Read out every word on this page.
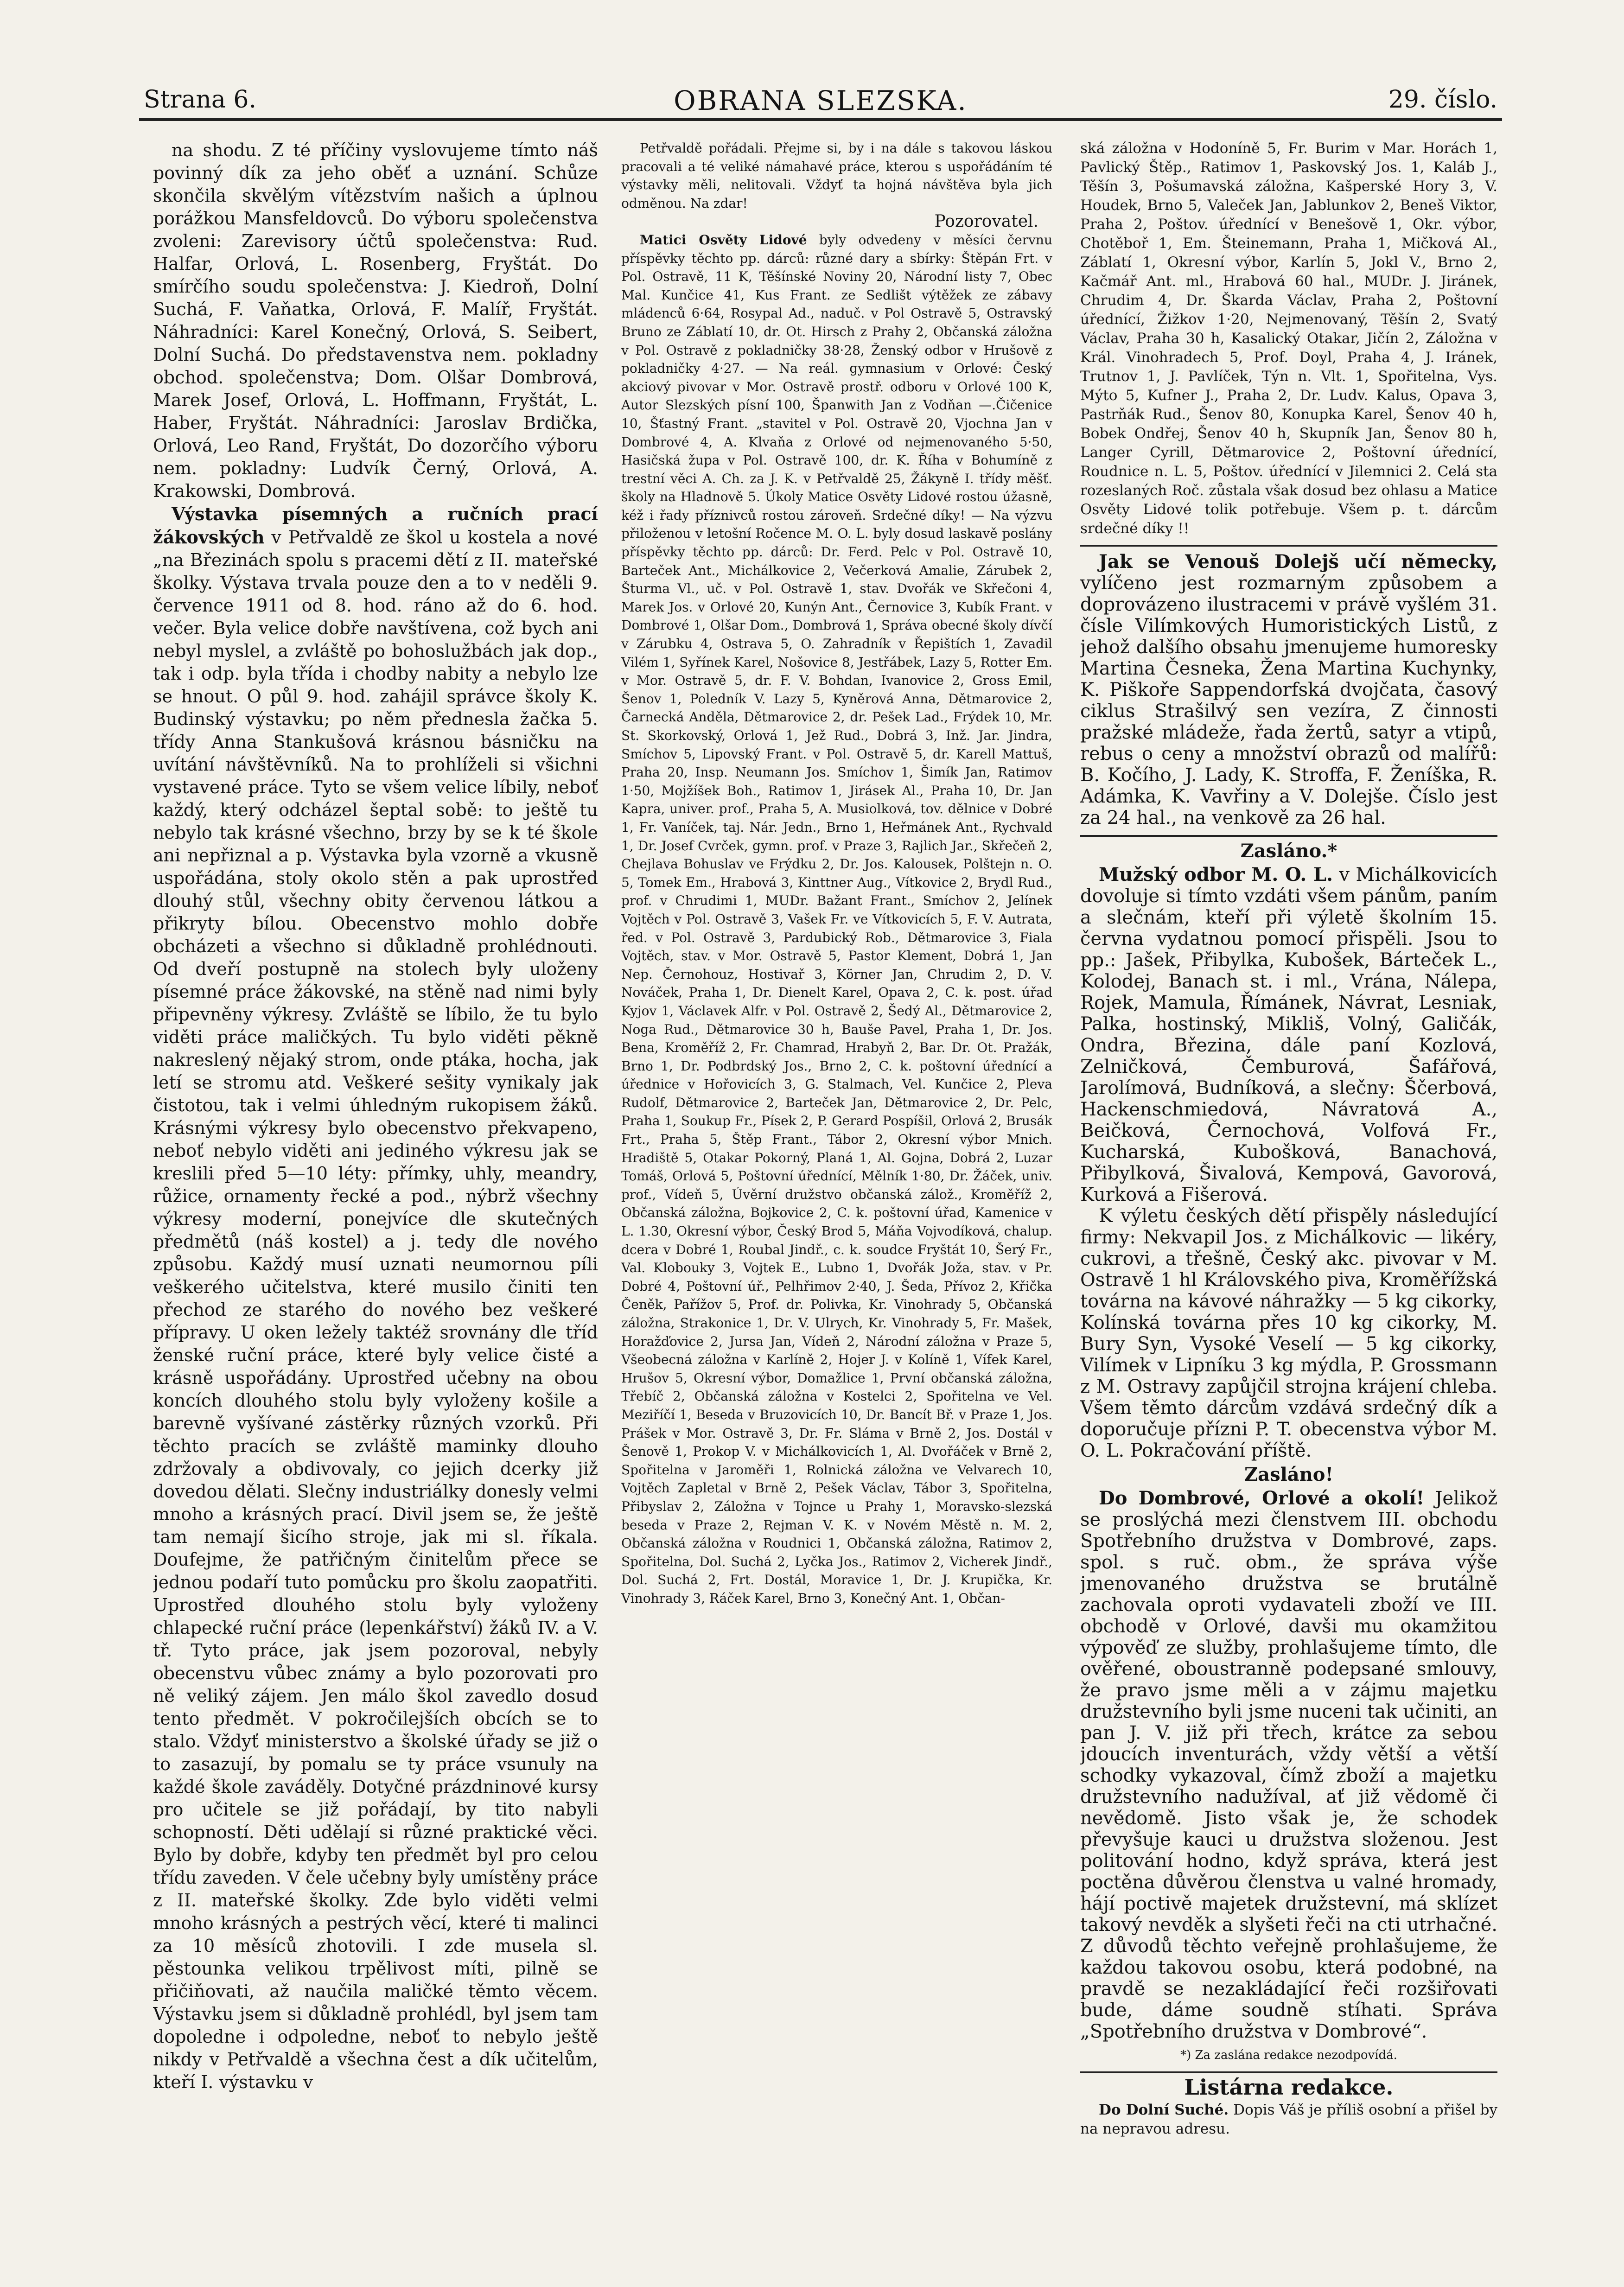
Strana 6.	OBRANA SLEZSKA.	29. číslo.

na shodu. Z té příčiny vyslovujeme tímto náš povinný dík za jeho oběť a uznání. Schůze skončila skvělým vítězstvím našich a úplnou porážkou Mansfeldovců. Do výboru společenstva zvoleni: Zarevisory účtů společenstva: Rud. Halfar, Orlová, L. Rosenberg, Fryštát. Do smírčího soudu společenstva: J. Kiedroň, Dolní Suchá, F. Vaňatka, Orlová, F. Malíř, Fryštát. Náhradníci: Karel Konečný, Orlová, S. Seibert, Dolní Suchá. Do představenstva nem. pokladny obchod. společenstva; Dom. Olšar Dombrová, Marek Josef, Orlová, L. Hoffmann, Fryštát, L. Haber, Fryštát. Náhradníci: Jaroslav Brdička, Orlová, Leo Rand, Fryštát, Do dozorčího výboru nem. pokladny: Ludvík Černý, Orlová, A. Krakowski, Dombrová.

Výstavka písemných a ručních prací žákovských v Petřvaldě ze škol u kostela a nové „na Březinách spolu s pracemi dětí z II. mateřské školky. Výstava trvala pouze den a to v neděli 9. července 1911 od 8. hod. ráno až do 6. hod. večer. Byla velice dobře navštívena, což bych ani nebyl myslel, a zvláště po bohoslužbách jak dop., tak i odp. byla třída i chodby nabity a nebylo lze se hnout. O půl 9. hod. zahájil správce školy K. Budinský výstavku; po něm přednesla žačka 5. třídy Anna Stankušová krásnou básničku na uvítání návštěvníků. Na to prohlíželi si všichni vystavené práce. Tyto se všem velice líbily, neboť každý, který odcházel šeptal sobě: to ještě tu nebylo tak krásné všechno, brzy by se k té škole ani nepřiznal a p. Výstavka byla vzorně a vkusně uspořádána, stoly okolo stěn a pak uprostřed dlouhý stůl, všechny obity červenou látkou a přikryty bílou. Obecenstvo mohlo dobře obcházeti a všechno si důkladně prohlédnouti. Od dveří postupně na stolech byly uloženy písemné práce žákovské, na stěně nad nimi byly připevněny výkresy. Zvláště se líbilo, že tu bylo viděti práce maličkých. Tu bylo viděti pěkně nakreslený nějaký strom, onde ptáka, hocha, jak letí se stromu atd. Veškeré sešity vynikaly jak čistotou, tak i velmi úhledným rukopisem žáků. Krásnými výkresy bylo obecenstvo překvapeno, neboť nebylo viděti ani jediného výkresu jak se kreslili před 5—10 léty: přímky, uhly, meandry, růžice, ornamenty řecké a pod., nýbrž všechny výkresy moderní, ponejvíce dle skutečných předmětů (náš kostel) a j. tedy dle nového způsobu. Každý musí uznati neumornou píli veškerého učitelstva, které musilo činiti ten přechod ze starého do nového bez veškeré přípravy. U oken ležely taktéž srovnány dle tříd ženské ruční práce, které byly velice čisté a krásně uspořádány. Uprostřed učebny na obou koncích dlouhého stolu byly vyloženy košile a barevně vyšívané zástěrky různých vzorků. Při těchto pracích se zvláště maminky dlouho zdržovaly a obdivovaly, co jejich dcerky již dovedou dělati. Slečny industriálky donesly velmi mnoho a krásných prací. Divil jsem se, že ještě tam nemají šicího stroje, jak mi sl. říkala. Doufejme, že patřičným činitelům přece se jednou podaří tuto pomůcku pro školu zaopatřiti. Uprostřed dlouhého stolu byly vyloženy chlapecké ruční práce (lepenkářství) žáků IV. a V. tř. Tyto práce, jak jsem pozoroval, nebyly obecenstvu vůbec známy a bylo pozorovati pro ně veliký zájem. Jen málo škol zavedlo dosud tento předmět. V pokročilejších obcích se to stalo. Vždyť ministerstvo a školské úřady se již o to zasazují, by pomalu se ty práce vsunuly na každé škole zaváděly. Dotyčné prázdninové kursy pro učitele se již pořádají, by tito nabyli schopností. Děti udělají si různé praktické věci. Bylo by dobře, kdyby ten předmět byl pro celou třídu zaveden. V čele učebny byly umístěny práce z II. mateřské školky. Zde bylo viděti velmi mnoho krásných a pestrých věcí, které ti malinci za 10 měsíců zhotovili. I zde musela sl. pěstounka velikou trpělivost míti, pilně se přičiňovati, až naučila maličké těmto věcem. Výstavku jsem si důkladně prohlédl, byl jsem tam dopoledne i odpoledne, neboť to nebylo ještě nikdy v Petřvaldě a všechna čest a dík učitelům, kteří I. výstavku v

Petřvaldě pořádali. Přejme si, by i na dále s takovou láskou pracovali a té veliké námahavé práce, kterou s uspořádáním té výstavky měli, nelitovali. Vždyť ta hojná návštěva byla jich odměnou. Na zdar!

Pozorovatel.

Matici Osvěty Lidové byly odvedeny v měsíci červnu příspěvky těchto pp. dárců: různé dary a sbírky: Štěpán Frt. v Pol. Ostravě, 11 K, Těšínské Noviny 20, Národní listy 7, Obec Mal. Kunčice 41, Kus Frant. ze Sedlišt výtěžek ze zábavy mládenců 6·64, Rosypal Ad., naduč. v Pol Ostravě 5, Ostravský Bruno ze Záblatí 10, dr. Ot. Hirsch z Prahy 2, Občanská záložna v Pol. Ostravě z pokladničky 38·28, Ženský odbor v Hrušově z pokladničky 4·27. — Na reál. gymnasium v Orlové: Český akciový pivovar v Mor. Ostravě prostř. odboru v Orlové 100 K, Autor Slezských písní 100, Španwith Jan z Vodňan —.Čičenice 10, Šťastný Frant. „stavitel v Pol. Ostravě 20, Vjochna Jan v Dombrové 4, A. Klvaňa z Orlové od nejmenovaného 5·50, Hasičská župa v Pol. Ostravě 100, dr. K. Říha v Bohumíně z trestní věci A. Ch. za J. K. v Petřvaldě 25, Žákyně I. třídy měšť. školy na Hladnově 5. Úkoly Matice Osvěty Lidové rostou úžasně, kéž i řady příznivců rostou zároveň. Srdečné díky! — Na výzvu přiloženou v letošní Ročence M. O. L. byly dosud laskavě poslány příspěvky těchto pp. dárců: Dr. Ferd. Pelc v Pol. Ostravě 10, Barteček Ant., Michálkovice 2, Večerková Amalie, Zárubek 2, Šturma Vl., uč. v Pol. Ostravě 1, stav. Dvořák ve Skřečoni 4, Marek Jos. v Orlové 20, Kunýn Ant., Černovice 3, Kubík Frant. v Dombrové 1, Olšar Dom., Dombrová 1, Správa obecné školy dívčí v Zárubku 4, Ostrava 5, O. Zahradník v Řepištích 1, Zavadil Vilém 1, Syřínek Karel, Nošovice 8, Jestřábek, Lazy 5, Rotter Em. v Mor. Ostravě 5, dr. F. V. Bohdan, Ivanovice 2, Gross Emil, Šenov 1, Poledník V. Lazy 5, Kyněrová Anna, Dětmarovice 2, Čarnecká Anděla, Dětmarovice 2, dr. Pešek Lad., Frýdek 10, Mr. St. Skorkovský, Orlová 1, Jež Rud., Dobrá 3, Inž. Jar. Jindra, Smíchov 5, Lipovský Frant. v Pol. Ostravě 5, dr. Karell Mattuš, Praha 20, Insp. Neumann Jos. Smíchov 1, Šimík Jan, Ratimov 1·50, Mojžíšek Boh., Ratimov 1, Jirásek Al., Praha 10, Dr. Jan Kapra, univer. prof., Praha 5, A. Musiolková, tov. dělnice v Dobré 1, Fr. Vaníček, taj. Nár. Jedn., Brno 1, Heřmánek Ant., Rychvald 1, Dr. Josef Cvrček, gymn. prof. v Praze 3, Rajlich Jar., Skřečeň 2, Chejlava Bohuslav ve Frýdku 2, Dr. Jos. Kalousek, Polštejn n. O. 5, Tomek Em., Hrabová 3, Kinttner Aug., Vítkovice 2, Brydl Rud., prof. v Chrudimi 1, MUDr. Bažant Frant., Smíchov 2, Jelínek Vojtěch v Pol. Ostravě 3, Vašek Fr. ve Vítkovicích 5, F. V. Autrata, řed. v Pol. Ostravě 3, Pardubický Rob., Dětmarovice 3, Fiala Vojtěch, stav. v Mor. Ostravě 5, Pastor Klement, Dobrá 1, Jan Nep. Černohouz, Hostivař 3, Körner Jan, Chrudim 2, D. V. Nováček, Praha 1, Dr. Dienelt Karel, Opava 2, C. k. post. úřad Kyjov 1, Václavek Alfr. v Pol. Ostravě 2, Šedý Al., Dětmarovice 2, Noga Rud., Dětmarovice 30 h, Bauše Pavel, Praha 1, Dr. Jos. Bena, Kroměříž 2, Fr. Chamrad, Hrabyň 2, Bar. Dr. Ot. Pražák, Brno 1, Dr. Podbrdský Jos., Brno 2, C. k. poštovní úřednící a úřednice v Hořovicích 3, G. Stalmach, Vel. Kunčice 2, Plevа Rudolf, Dětmarovice 2, Barteček Jan, Dětmarovice 2, Dr. Pelc, Praha 1, Soukup Fr., Písek 2, P. Gerard Pospíšil, Orlová 2, Brusák Frt., Praha 5, Štěp Frant., Tábor 2, Okresní výbor Mnich. Hradiště 5, Otakar Pokorný, Planá 1, Al. Gojna, Dobrá 2, Luzar Tomáš, Orlová 5, Poštovní úřednící, Mělník 1·80, Dr. Žáček, univ. prof., Vídeň 5, Úvěrní družstvo občanská zálož., Kroměříž 2, Občanská záložna, Bojkovice 2, C. k. poštovní úřad, Kamenice v L. 1.30, Okresní výbor, Český Brod 5, Máňa Vojvodíková, chalup. dcera v Dobré 1, Roubal Jindř., c. k. soudce Fryštát 10, Šerý Fr., Val. Klobouky 3, Vojtek E., Lubno 1, Dvořák Joža, stav. v Pr. Dobré 4, Poštovní úř., Pelhřimov 2·40, J. Šeda, Přívoz 2, Křička Čeněk, Pařížov 5, Prof. dr. Polivka, Kr. Vinohrady 5, Občanská záložna, Strakonice 1, Dr. V. Ulrych, Kr. Vinohrady 5, Fr. Mašek, Horažďovice 2, Jursa Jan, Vídeň 2, Národní záložna v Praze 5, Všeobecná záložna v Karlíně 2, Hojer J. v Kolíně 1, Vífek Karel, Hrušov 5, Okresní výbor, Domažlice 1, První občanská záložna, Třebíč 2, Občanská záložna v Kostelci 2, Spořitelna ve Vel. Meziříčí 1, Beseda v Bruzovicích 10, Dr. Bancít Bř. v Praze 1, Jos. Prášek v Mor. Ostravě 3, Dr. Fr. Sláma v Brně 2, Jos. Dostál v Šenově 1, Prokop V. v Michálkovicích 1, Al. Dvořáček v Brně 2, Spořitelna v Jaroměři 1, Rolnická záložna ve Velvarech 10, Vojtěch Zapletal v Brně 2, Pešek Václav, Tábor 3, Spořitelna, Přibyslav 2, Záložna v Tojnce u Prahy 1, Moravsko-slezská beseda v Praze 2, Rejman V. K. v Novém Městě n. M. 2, Občanská záložna v Roudnici 1, Občanská záložna, Ratimov 2, Spořitelna, Dol. Suchá 2, Lyčka Jos., Ratimov 2, Vicherek Jindř., Dol. Suchá 2, Frt. Dostál, Moravice 1, Dr. J. Krupička, Kr. Vinohrady 3, Ráček Karel, Brno 3, Konečný Ant. 1, Občan-

ská záložna v Hodoníně 5, Fr. Burim v Mar. Horách 1, Pavlický Štěp., Ratimov 1, Paskovský Jos. 1, Kaláb J., Těšín 3, Pošumavská záložna, Kašperské Hory 3, V. Houdek, Brno 5, Valeček Jan, Jablunkov 2, Beneš Viktor, Praha 2, Poštov. úřednící v Benešově 1, Okr. výbor, Chotěboř 1, Em. Šteinemann, Praha 1, Mičková Al., Záblatí 1, Okresní výbor, Karlín 5, Jokl V., Brno 2, Kačmář Ant. ml., Hrabová 60 hal., MUDr. J. Jiránek, Chrudim 4, Dr. Škarda Václav, Praha 2, Poštovní úřednící, Žižkov 1·20, Nejmenovaný, Těšín 2, Svatý Václav, Praha 30 h, Kasalický Otakar, Jičín 2, Záložna v Král. Vinohradech 5, Prof. Doyl, Praha 4, J. Iránek, Trutnov 1, J. Pavlíček, Týn n. Vlt. 1, Spořitelna, Vys. Mýto 5, Kufner J., Praha 2, Dr. Ludv. Kalus, Opava 3, Pastrňák Rud., Šenov 80, Konupka Karel, Šenov 40 h, Bobek Ondřej, Šenov 40 h, Skupník Jan, Šenov 80 h, Langer Cyrill, Dětmarovice 2, Poštovní úřednící, Roudnice n. L. 5, Poštov. úřednící v Jilemnici 2. Celá sta rozeslaných Roč. zůstala však dosud bez ohlasu a Matice Osvěty Lidové tolik potřebuje. Všem p. t. dárcům srdečné díky !!

Jak se Venouš Dolejš učí německy, vylíčeno jest rozmarným způsobem a doprovázeno ilustracemi v právě vyšlém 31. čísle Vilímkových Humoristických Listů, z jehož dalšího obsahu jmenujeme humoresky Martina Česneka, Žena Martina Kuchynky, K. Piškoře Sappendorfská dvojčata, časový ciklus Strašilvý sen vezíra, Z činnosti pražské mládeže, řada žertů, satyr a vtipů, rebus o ceny a množství obrazů od malířů: B. Kočího, J. Lady, K. Stroffa, F. Ženíška, R. Adámka, K. Vavřiny a V. Dolejše. Číslo jest za 24 hal., na venkově za 26 hal.

Zasláno.*

Mužský odbor M. O. L. v Michálkovicích dovoluje si tímto vzdáti všem pánům, paním a slečnám, kteří při výletě školním 15. června vydatnou pomocí přispěli. Jsou to pp.: Jašek, Přibylka, Kubošek, Bárteček L., Kolodej, Banach st. i ml., Vrána, Nálepa, Rojek, Mamula, Římánek, Návrat, Lesniak, Palka, hostinský, Mikliš, Volný, Galičák, Ondra, Březina, dále paní Kozlová, Zelničková, Čemburová, Šafářová, Jarolímová, Budníková, a slečny: Ščerbová, Hackenschmiedová, Návratová A., Beičková, Černochová, Volfová Fr., Kucharská, Kubošková, Banachová, Přibylková, Šivalová, Kempová, Gavorová, Kurková a Fišerová.

K výletu českých dětí přispěly následující firmy: Nekvapil Jos. z Michálkovic — likéry, cukrovi, a třešně, Český akc. pivovar v M. Ostravě 1 hl Královského piva, Kroměřížská továrna na kávové náhražky — 5 kg cikorky, Kolínská továrna přes 10 kg cikorky, M. Bury Syn, Vysoké Veselí — 5 kg cikorky, Vilímek v Lipníku 3 kg mýdla, P. Grossmann z M. Ostravy zapůjčil strojna krájení chleba. Všem těmto dárcům vzdává srdečný dík a doporučuje přízni P. T. obecenstva výbor M. O. L. Pokračování příště.

Zasláno!

Do Dombrové, Orlové a okolí! Jelikož se proslýchá mezi členstvem III. obchodu Spotřebního družstva v Dombrové, zaps. spol. s ruč. obm., že správa výše jmenovaného družstva se brutálně zachovala oproti vydavateli zboží ve III. obchodě v Orlové, davši mu okamžitou výpověď ze služby, prohlašujeme tímto, dle ověřené, oboustranně podepsané smlouvy, že pravo jsme měli a v zájmu majetku družstevního byli jsme nuceni tak učiniti, an pan J. V. již při třech, krátce za sebou jdoucích inventurách, vždy větší a větší schodky vykazoval, čímž zboží a majetku družstevního nadužíval, ať již vědomě či nevědomě. Jisto však je, že schodek převyšuje kauci u družstva složenou. Jest politování hodno, když správa, která jest poctěna důvěrou členstva u valné hromady, hájí poctivě majetek družstevní, má sklízet takový nevděk a slyšeti řeči na cti utrhačné. Z důvodů těchto veřejně prohlašujeme, že každou takovou osobu, která podobné, na pravdě se nezakládající řeči rozšiřovati bude, dáme soudně stíhati. Správa „Spotřebního družstva v Dombrové“.

*) Za zaslána redakce nezodpovídá.
Listárna redakce.

Do Dolní Suché. Dopis Váš je příliš osobní a přišel by na nepravou adresu.
